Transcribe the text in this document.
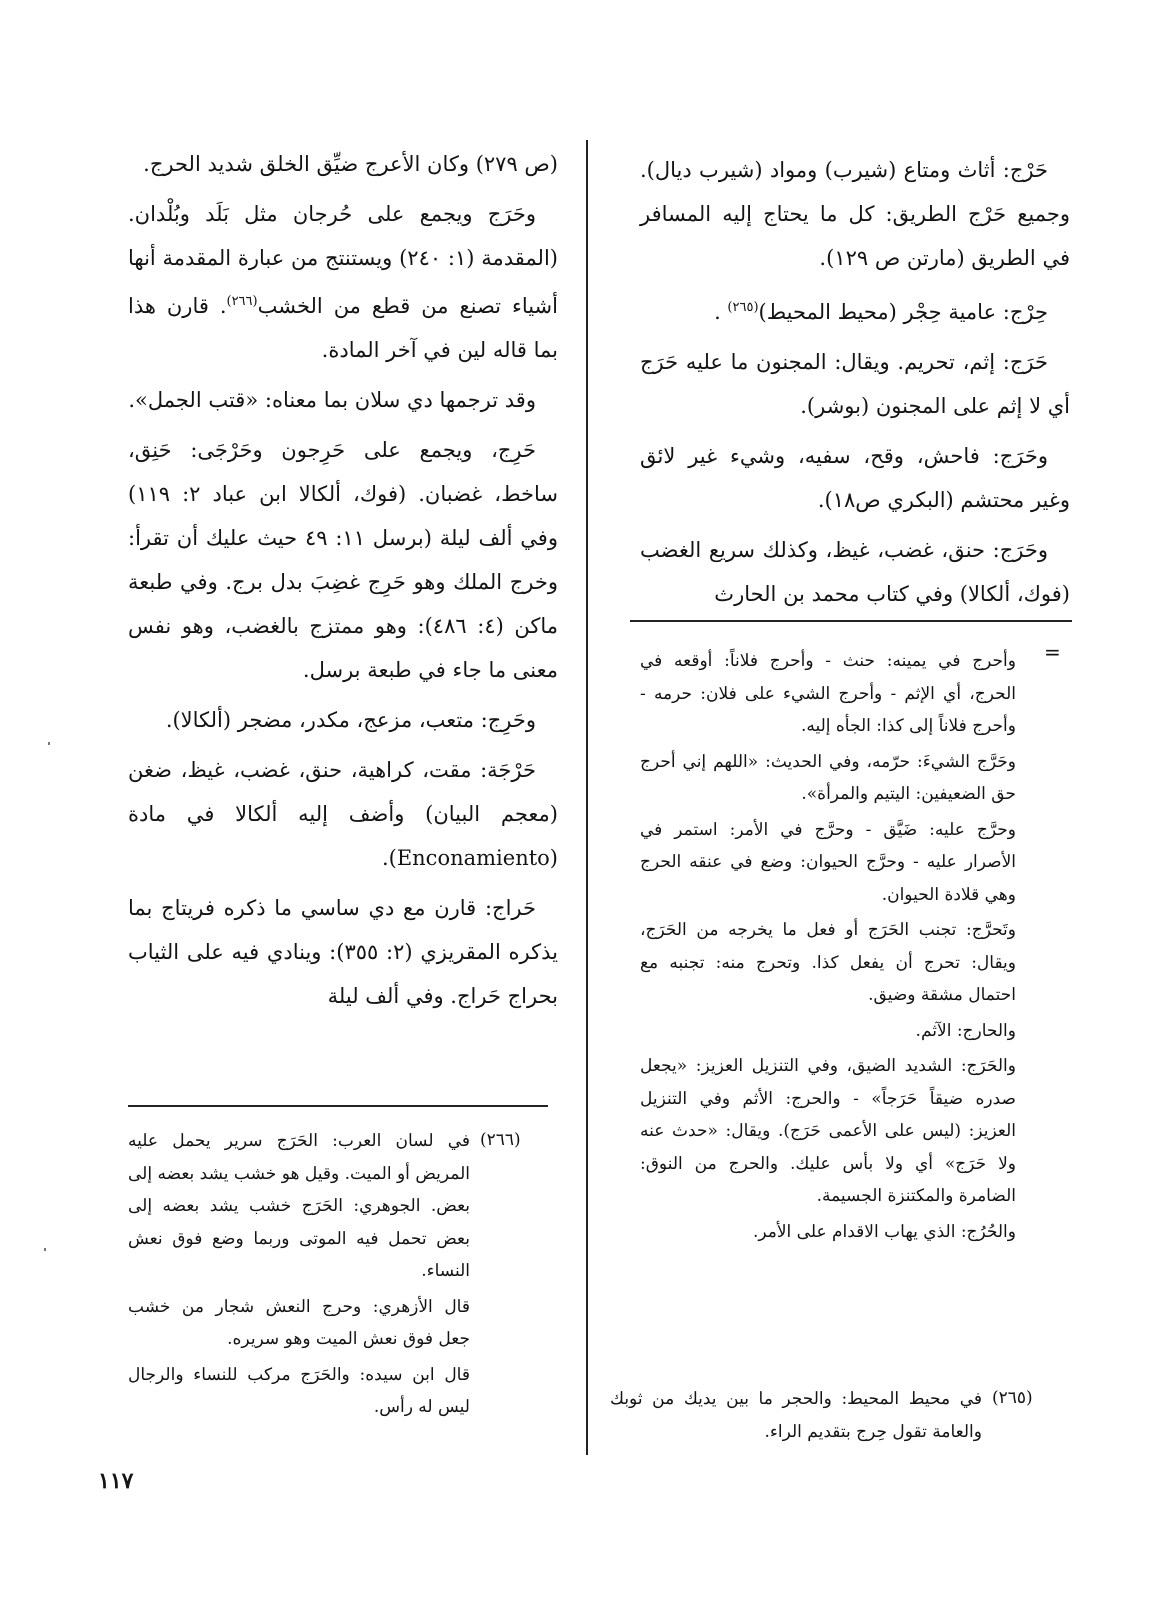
حَرْج: أثاث ومتاع (شيرب) ومواد (شيرب ديال). وجميع حَرْج الطريق: كل ما يحتاج إليه المسافر في الطريق (مارتن ص ١٢٩).

حِرْج: عامية حِجْر (محيط المحيط)$^{(٢٦٥)}$ .

حَرَج: إثم، تحريم. ويقال: المجنون ما عليه حَرَج أي لا إثم على المجنون (بوشر).

وحَرَج: فاحش، وقح، سفيه، وشيء غير لائق وغير محتشم (البكري ص١٨).

وحَرَج: حنق، غضب، غيظ، وكذلك سريع الغضب (فوك، ألكالا) وفي كتاب محمد بن الحارث

=

وأحرج في يمينه: حنث - وأحرج فلاناً: أوقعه في الحرج، أي الإثم - وأحرج الشيء على فلان: حرمه - وأحرج فلاناً إلى كذا: الجأه إليه.

وحَرَّج الشيءَ: حرّمه، وفي الحديث: «اللهم إني أحرج حق الضعيفين: اليتيم والمرأة».

وحرَّج عليه: ضَيَّق - وحرَّج في الأمر: استمر في الأصرار عليه - وحرَّج الحيوان: وضع في عنقه الحرج وهي قلادة الحيوان.

وتَحرَّج: تجنب الحَرَج أو فعل ما يخرجه من الحَرَج، ويقال: تحرج أن يفعل كذا. وتحرج منه: تجنبه مع احتمال مشقة وضيق.

والحارج: الآثم.

والحَرَج: الشديد الضيق، وفي التنزيل العزيز: «يجعل صدره ضيقاً حَرَجاً» - والحرج: الأثم وفي التنزيل العزيز: (ليس على الأعمى حَرَج). ويقال: «حدث عنه ولا حَرَج» أي ولا بأس عليك. والحرج من النوق: الضامرة والمكتنزة الجسيمة.

والحُرُج: الذي يهاب الاقدام على الأمر.

(٢٦٥)

في محيط المحيط: والحجر ما بين يديك من ثوبك والعامة تقول حِرج بتقديم الراء.

(ص ٢٧٩) وكان الأعرج ضيِّق الخلق شديد الحرج.

وحَرَج ويجمع على حُرجان مثل بَلَد وبُلْدان. (المقدمة (١: ٢٤٠) ويستنتج من عبارة المقدمة أنها أشياء تصنع من قطع من الخشب$^{(٢٦٦)}$. قارن هذا بما قاله لين في آخر المادة.

وقد ترجمها دي سلان بما معناه: «قتب الجمل».

حَرِج، ويجمع على حَرِجون وحَرْجَى: حَنِق، ساخط، غضبان. (فوك، ألكالا ابن عباد ٢: ١١٩) وفي ألف ليلة (برسل ١١: ٤٩ حيث عليك أن تقرأ: وخرج الملك وهو حَرِج غضِبَ بدل برج. وفي طبعة ماكن (٤: ٤٨٦): وهو ممتزج بالغضب، وهو نفس معنى ما جاء في طبعة برسل.

وحَرِج: متعب، مزعج، مكدر، مضجر (ألكالا).

حَرْجَة: مقت، كراهية، حنق، غضب، غيظ، ضغن (معجم البيان) وأضف إليه ألكالا في مادة (Enconamiento).

حَراج: قارن مع دي ساسي ما ذكره فريتاج بما يذكره المقريزي (٢: ٣٥٥): وينادي فيه على الثياب بحراج حَراج. وفي ألف ليلة

(٢٦٦)

في لسان العرب: الحَرَج سرير يحمل عليه المريض أو الميت. وقيل هو خشب يشد بعضه إلى بعض. الجوهري: الحَرَج خشب يشد بعضه إلى بعض تحمل فيه الموتى وربما وضع فوق نعش النساء.

قال الأزهري: وحرج النعش شجار من خشب جعل فوق نعش الميت وهو سريره.

قال ابن سيده: والحَرَج مركب للنساء والرجال ليس له رأس.

١١٧
